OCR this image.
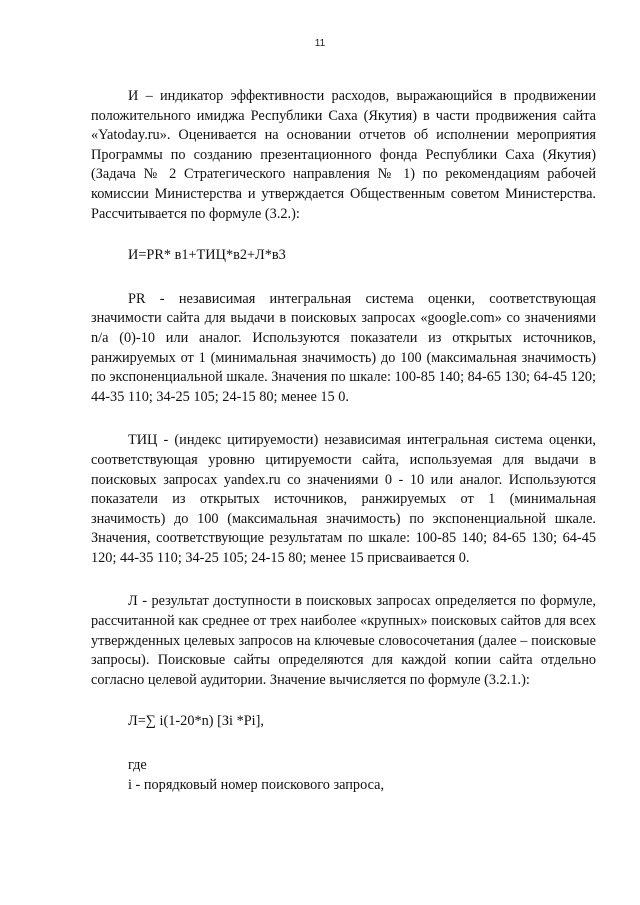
11

И – индикатор эффективности расходов, выражающийся в продвижении положительного имиджа Республики Саха (Якутия) в части продвижения сайта «Yatoday.ru». Оценивается на основании отчетов об исполнении мероприятия Программы по созданию презентационного фонда Республики Саха (Якутия) (Задача № 2 Стратегического направления № 1) по рекомендациям рабочей комиссии Министерства и утверждается Общественным советом Министерства. Рассчитывается по формуле (3.2.):

И=PR* в1+ТИЦ*в2+Л*в3

PR - независимая интегральная система оценки, соответствующая значимости сайта для выдачи в поисковых запросах «google.com» со значениями n/a (0)-10 или аналог. Используются показатели из открытых источников, ранжируемых от 1 (минимальная значимость) до 100 (максимальная значимость) по экспоненциальной шкале. Значения по шкале: 100-85 140; 84-65 130; 64-45 120; 44-35 110; 34-25 105; 24-15 80; менее 15 0.

ТИЦ - (индекс цитируемости) независимая интегральная система оценки, соответствующая уровню цитируемости сайта, используемая для выдачи в поисковых запросах yandex.ru со значениями 0 - 10 или аналог. Используются показатели из открытых источников, ранжируемых от 1 (минимальная значимость) до 100 (максимальная значимость) по экспоненциальной шкале. Значения, соответствующие результатам по шкале: 100-85 140; 84-65 130; 64-45 120; 44-35 110; 34-25 105; 24-15 80; менее 15 присваивается 0.

Л - результат доступности в поисковых запросах определяется по формуле, рассчитанной как среднее от трех наиболее «крупных» поисковых сайтов для всех утвержденных целевых запросов на ключевые словосочетания (далее – поисковые запросы). Поисковые сайты определяются для каждой копии сайта отдельно согласно целевой аудитории. Значение вычисляется по формуле (3.2.1.):

Л=∑ i(1-20*n) [Зi *Pi],

где

i - порядковый номер поискового запроса,
